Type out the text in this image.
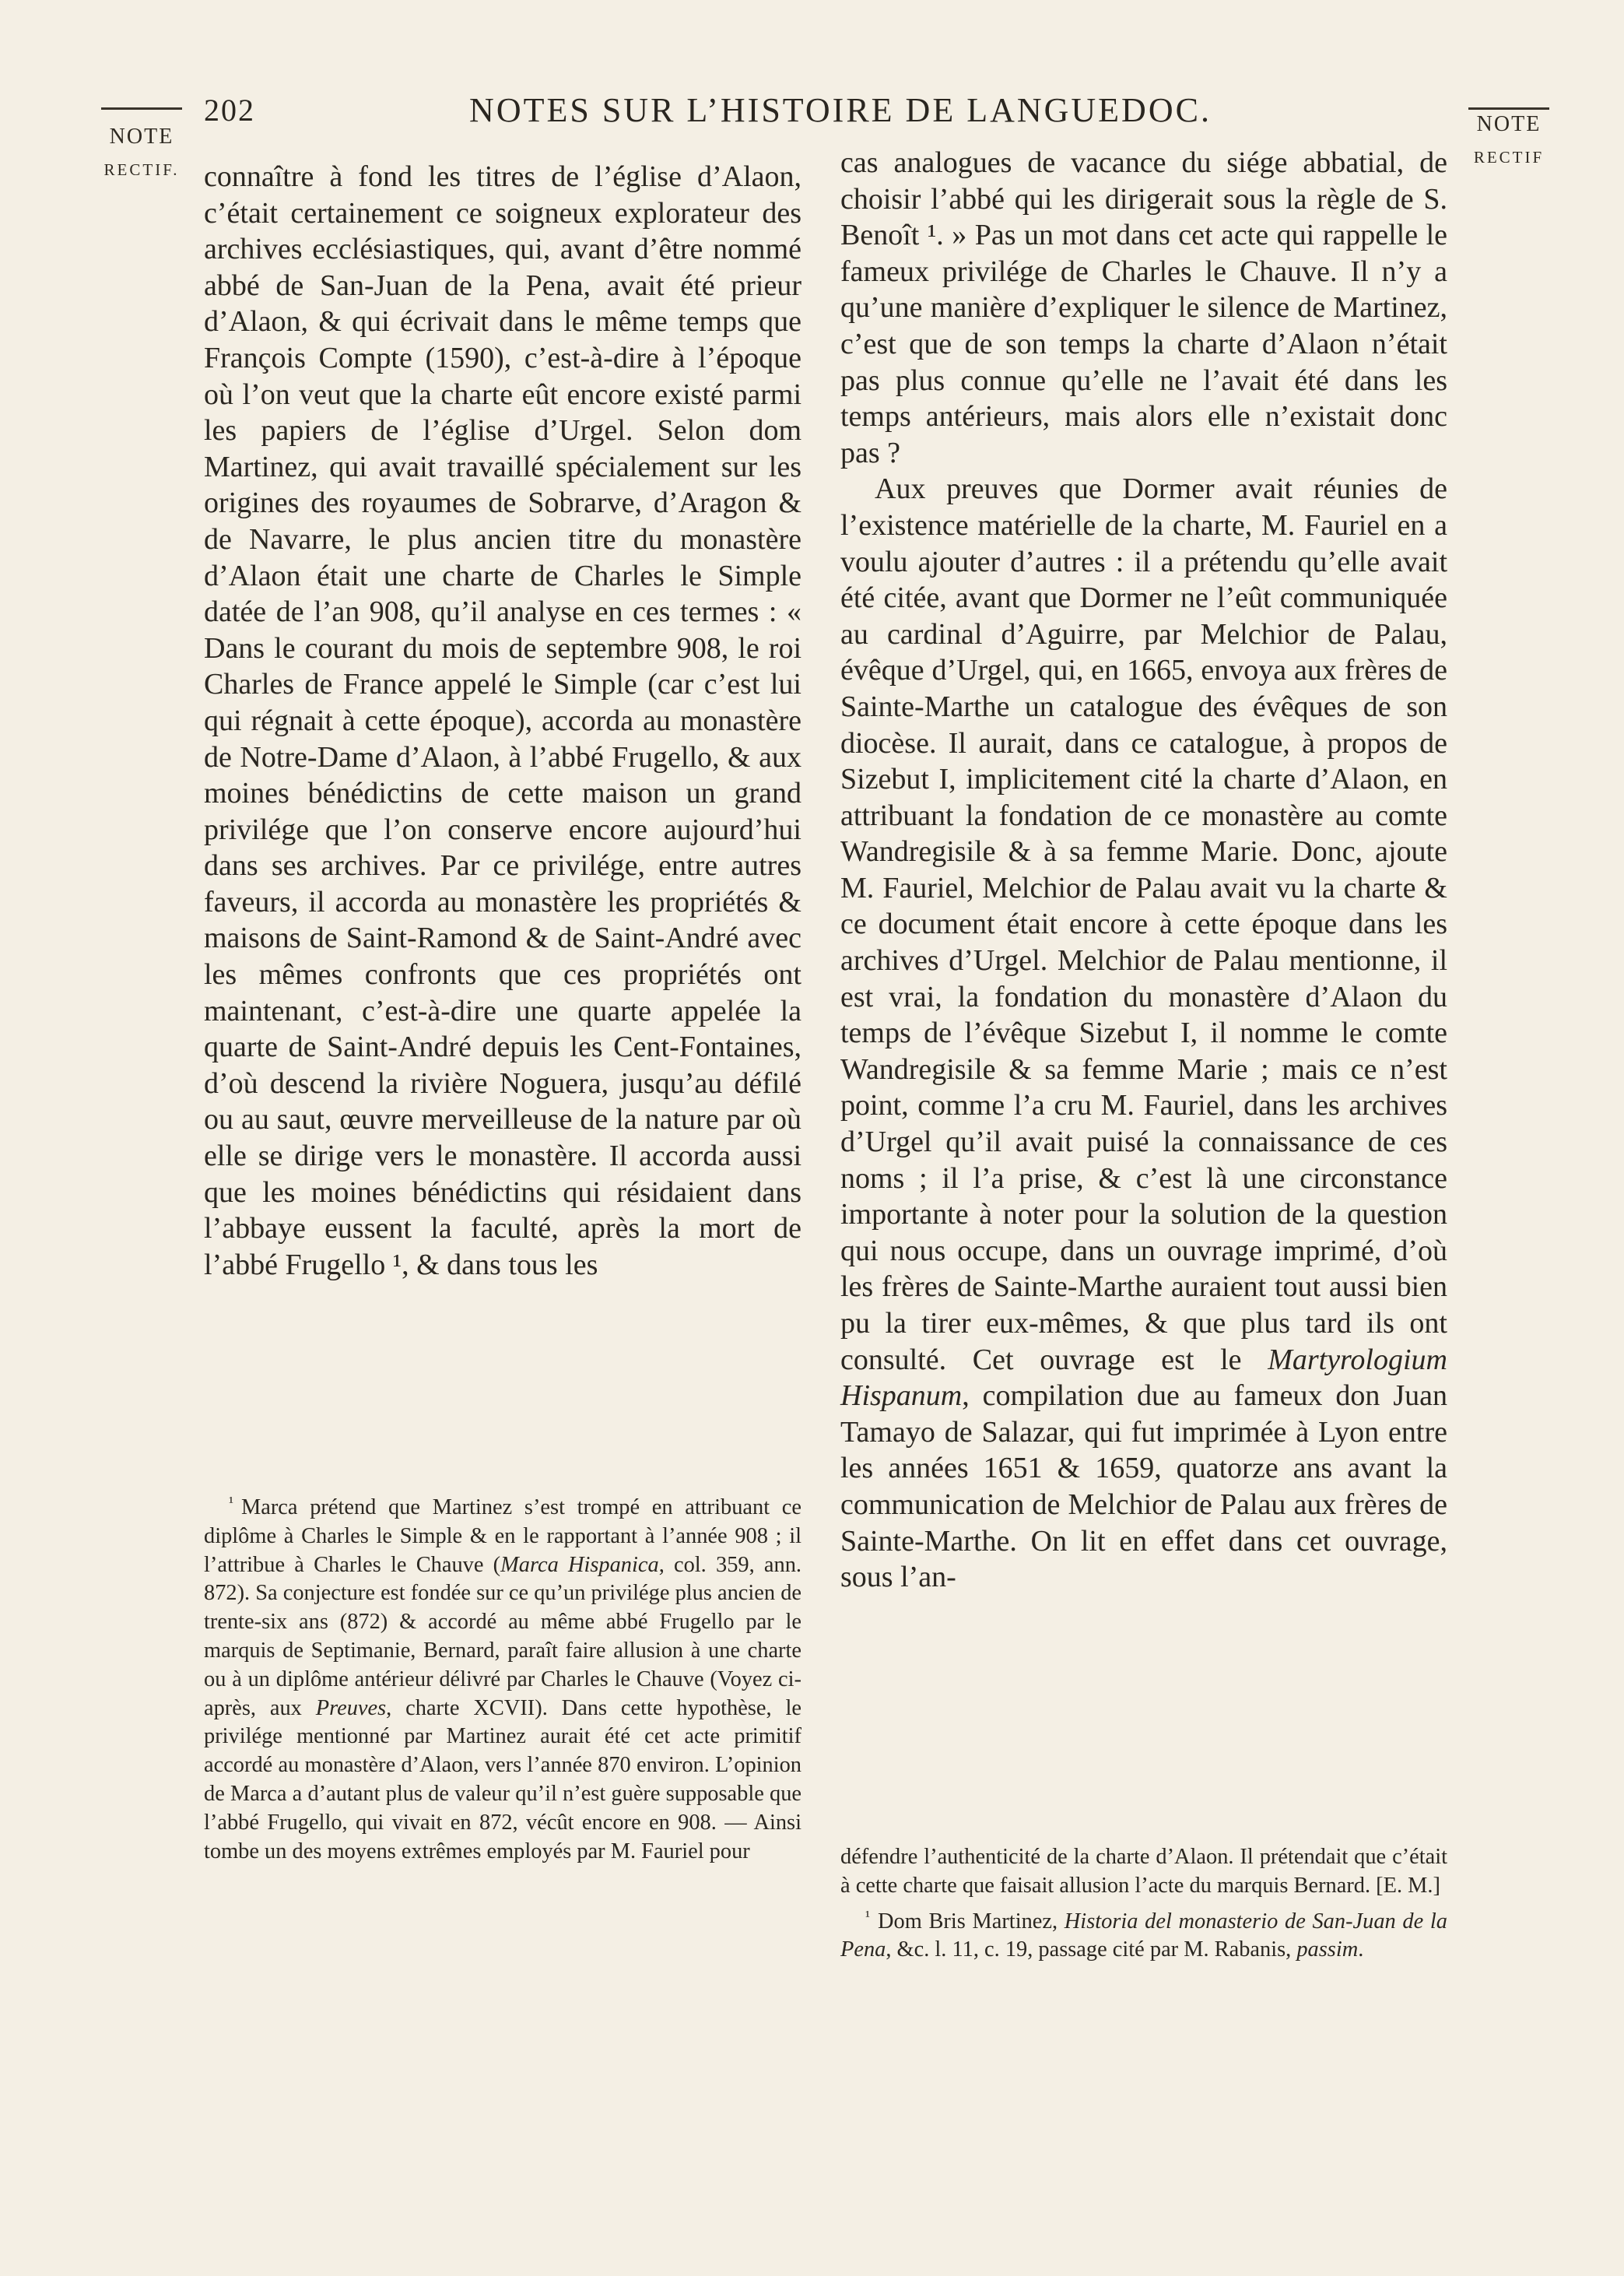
NOTE
RECTIF.
NOTE
RECTIF
202	NOTES SUR L’HISTOIRE DE LANGUEDOC.

connaître à fond les titres de l’église d’Alaon, c’était certainement ce soigneux explorateur des archives ecclésiastiques, qui, avant d’être nommé abbé de San-Juan de la Pena, avait été prieur d’Alaon, & qui écrivait dans le même temps que François Compte (1590), c’est-à-dire à l’époque où l’on veut que la charte eût encore existé parmi les papiers de l’église d’Urgel. Selon dom Martinez, qui avait travaillé spécialement sur les origines des royaumes de Sobrarve, d’Aragon & de Navarre, le plus ancien titre du monastère d’Alaon était une charte de Charles le Simple datée de l’an 908, qu’il analyse en ces termes : « Dans le courant du mois de septembre 908, le roi Charles de France appelé le Simple (car c’est lui qui régnait à cette époque), accorda au monastère de Notre-Dame d’Alaon, à l’abbé Frugello, & aux moines bénédictins de cette maison un grand privilége que l’on conserve encore aujourd’hui dans ses archives. Par ce privilége, entre autres faveurs, il accorda au monastère les propriétés & maisons de Saint-Ramond & de Saint-André avec les mêmes confronts que ces propriétés ont maintenant, c’est-à-dire une quarte appelée la quarte de Saint-André depuis les Cent-Fontaines, d’où descend la rivière Noguera, jusqu’au défilé ou au saut, œuvre merveilleuse de la nature par où elle se dirige vers le monastère. Il accorda aussi que les moines bénédictins qui résidaient dans l’abbaye eussent la faculté, après la mort de l’abbé Frugello ¹, & dans tous les

cas analogues de vacance du siége abbatial, de choisir l’abbé qui les dirigerait sous la règle de S. Benoît ¹. » Pas un mot dans cet acte qui rappelle le fameux privilége de Charles le Chauve. Il n’y a qu’une manière d’expliquer le silence de Martinez, c’est que de son temps la charte d’Alaon n’était pas plus connue qu’elle ne l’avait été dans les temps antérieurs, mais alors elle n’existait donc pas ?

Aux preuves que Dormer avait réunies de l’existence matérielle de la charte, M. Fauriel en a voulu ajouter d’autres : il a prétendu qu’elle avait été citée, avant que Dormer ne l’eût communiquée au cardinal d’Aguirre, par Melchior de Palau, évêque d’Urgel, qui, en 1665, envoya aux frères de Sainte-Marthe un catalogue des évêques de son diocèse. Il aurait, dans ce catalogue, à propos de Sizebut I, implicitement cité la charte d’Alaon, en attribuant la fondation de ce monastère au comte Wandregisile & à sa femme Marie. Donc, ajoute M. Fauriel, Melchior de Palau avait vu la charte & ce document était encore à cette époque dans les archives d’Urgel. Melchior de Palau mentionne, il est vrai, la fondation du monastère d’Alaon du temps de l’évêque Sizebut I, il nomme le comte Wandregisile & sa femme Marie ; mais ce n’est point, comme l’a cru M. Fauriel, dans les archives d’Urgel qu’il avait puisé la connaissance de ces noms ; il l’a prise, & c’est là une circonstance importante à noter pour la solution de la question qui nous occupe, dans un ouvrage imprimé, d’où les frères de Sainte-Marthe auraient tout aussi bien pu la tirer eux-mêmes, & que plus tard ils ont consulté. Cet ouvrage est le Martyrologium Hispanum, compilation due au fameux don Juan Tamayo de Salazar, qui fut imprimée à Lyon entre les années 1651 & 1659, quatorze ans avant la communication de Melchior de Palau aux frères de Sainte-Marthe. On lit en effet dans cet ouvrage, sous l’an-

$^{^1}$ Marca prétend que Martinez s’est trompé en attribuant ce diplôme à Charles le Simple & en le rapportant à l’année 908 ; il l’attribue à Charles le Chauve (Marca Hispanica, col. 359, ann. 872). Sa conjecture est fondée sur ce qu’un privilége plus ancien de trente-six ans (872) & accordé au même abbé Frugello par le marquis de Septimanie, Bernard, paraît faire allusion à une charte ou à un diplôme antérieur délivré par Charles le Chauve (Voyez ci-après, aux Preuves, charte XCVII). Dans cette hypothèse, le privilége mentionné par Martinez aurait été cet acte primitif accordé au monastère d’Alaon, vers l’année 870 environ. L’opinion de Marca a d’autant plus de valeur qu’il n’est guère supposable que l’abbé Frugello, qui vivait en 872, vécût encore en 908. — Ainsi tombe un des moyens extrêmes employés par M. Fauriel pour	défendre l’authenticité de la charte d’Alaon. Il prétendait que c’était à cette charte que faisait allusion l’acte du marquis Bernard. [E. M.]

$^{^1}$ Dom Bris Martinez, Historia del monasterio de San-Juan de la Pena, &c. l. 11, c. 19, passage cité par M. Rabanis, passim.
